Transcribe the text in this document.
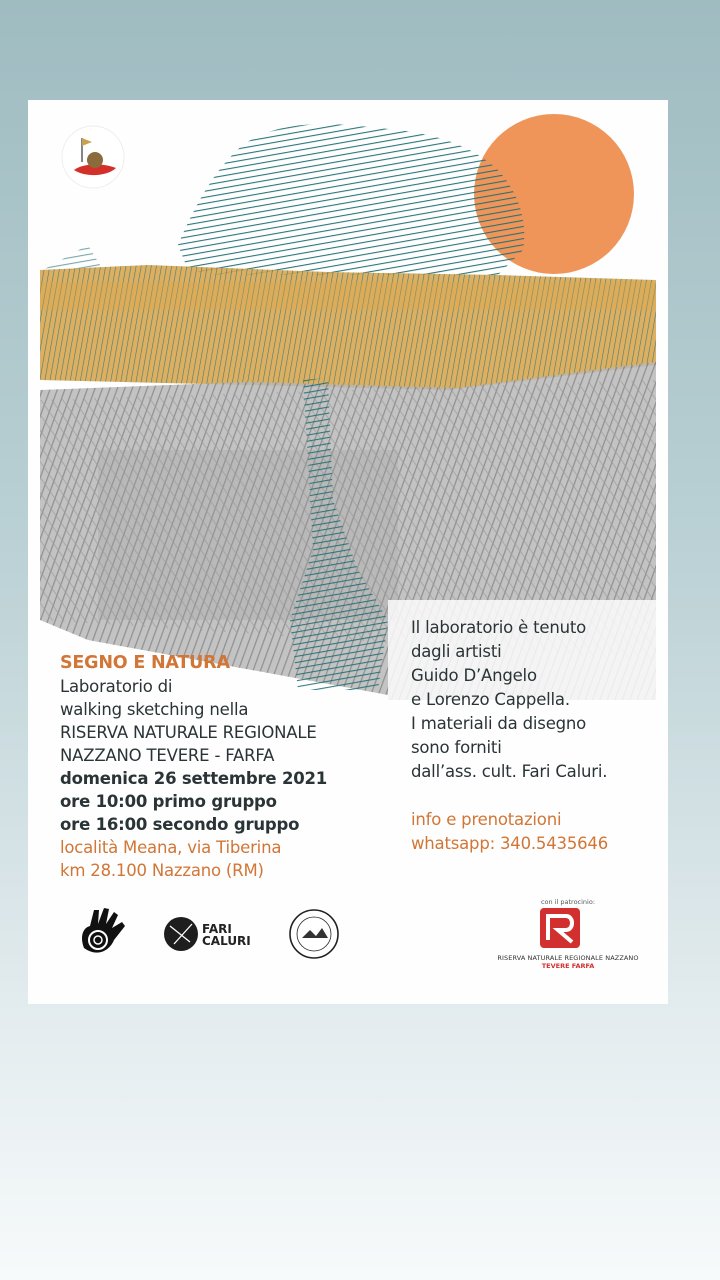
FARI
CALURI
SEGNO E NATURA
Laboratorio di
walking sketching nella
RISERVA NATURALE REGIONALE
NAZZANO TEVERE - FARFA
domenica 26 settembre 2021
ore 10:00 primo gruppo
ore 16:00 secondo gruppo
località Meana, via Tiberina
km 28.100 Nazzano (RM)
Il laboratorio è tenuto
dagli artisti
Guido D’Angelo
e Lorenzo Cappella.
I materiali da disegno
sono forniti
dall’ass. cult. Fari Caluri.
info e prenotazioni
whatsapp: 340.5435646
con il patrocinio:
RISERVA NATURALE REGIONALE NAZZANO
TEVERE FARFA
